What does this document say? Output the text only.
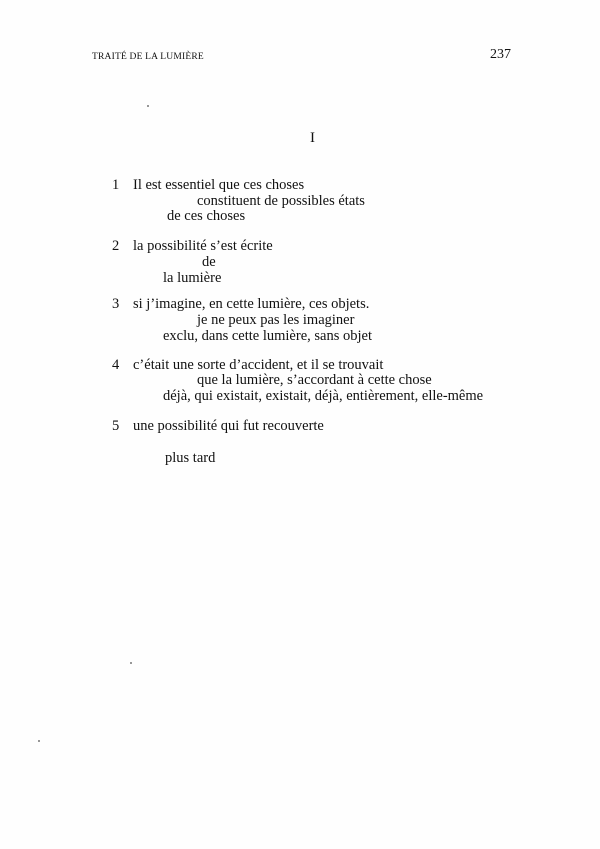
TRAITÉ DE LA LUMIÈRE	237
I
1 Il est essentiel que ces choses
constituent de possibles états
de ces choses
2 la possibilité s’est écrite
de
la lumière
3 si j’imagine, en cette lumière, ces objets.
je ne peux pas les imaginer
exclu, dans cette lumière, sans objet
4 c’était une sorte d’accident, et il se trouvait
que la lumière, s’accordant à cette chose
déjà, qui existait, existait, déjà, entièrement, elle-même
5 une possibilité qui fut recouverte
plus tard
